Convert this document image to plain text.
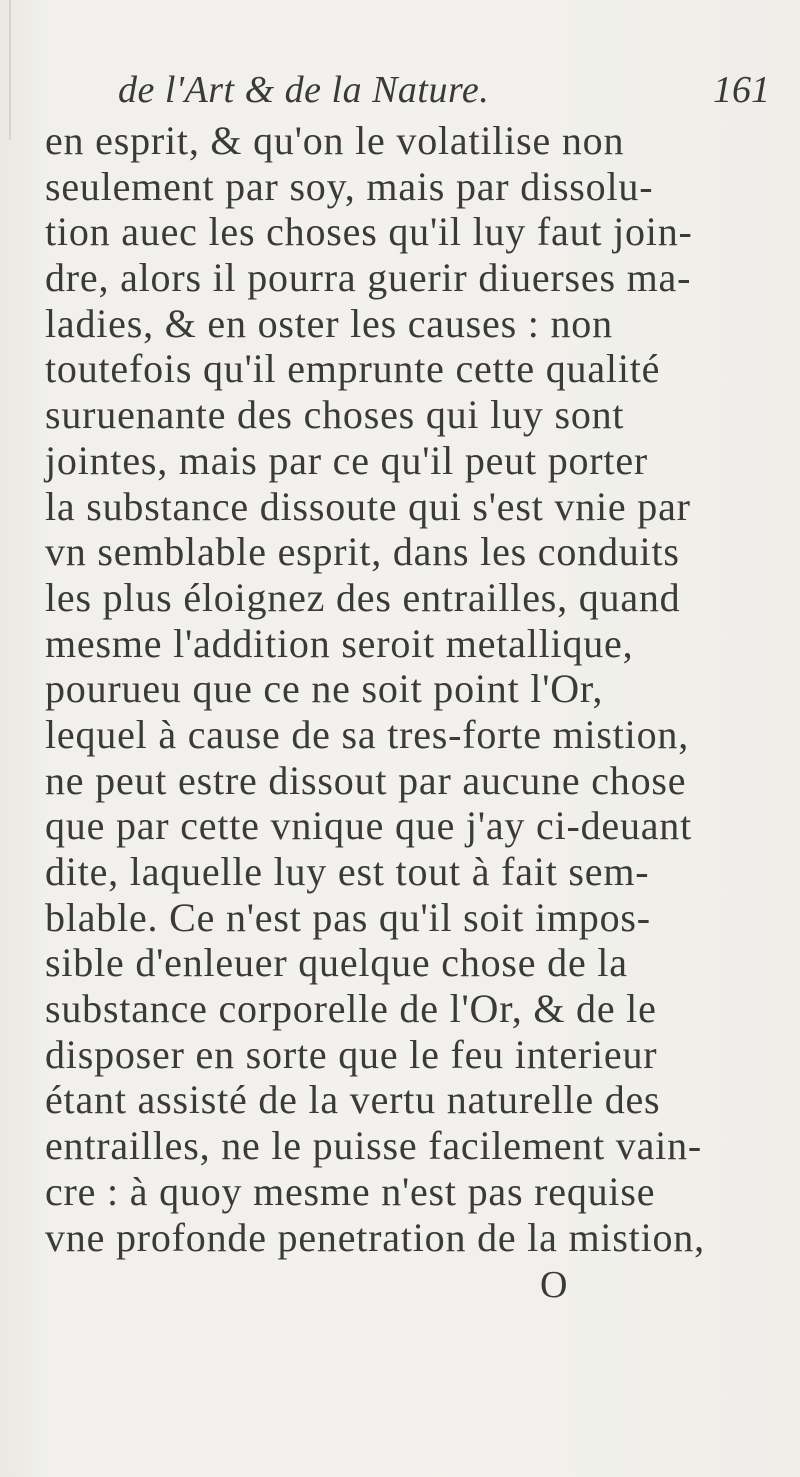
de l'Art & de la Nature.	161
en esprit, & qu'on le volatilise non
seulement par soy, mais par dissolu-
tion auec les choses qu'il luy faut join-
dre, alors il pourra guerir diuerses ma-
ladies, & en oster les causes : non
toutefois qu'il emprunte cette qualité
suruenante des choses qui luy sont
jointes, mais par ce qu'il peut porter
la substance dissoute qui s'est vnie par
vn semblable esprit, dans les conduits
les plus éloignez des entrailles, quand
mesme l'addition seroit metallique,
pourueu que ce ne soit point l'Or,
lequel à cause de sa tres-forte mistion,
ne peut estre dissout par aucune chose
que par cette vnique que j'ay ci-deuant
dite, laquelle luy est tout à fait sem-
blable. Ce n'est pas qu'il soit impos-
sible d'enleuer quelque chose de la
substance corporelle de l'Or, & de le
disposer en sorte que le feu interieur
étant assisté de la vertu naturelle des
entrailles, ne le puisse facilement vain-
cre : à quoy mesme n'est pas requise
vne profonde penetration de la mistion,
O
